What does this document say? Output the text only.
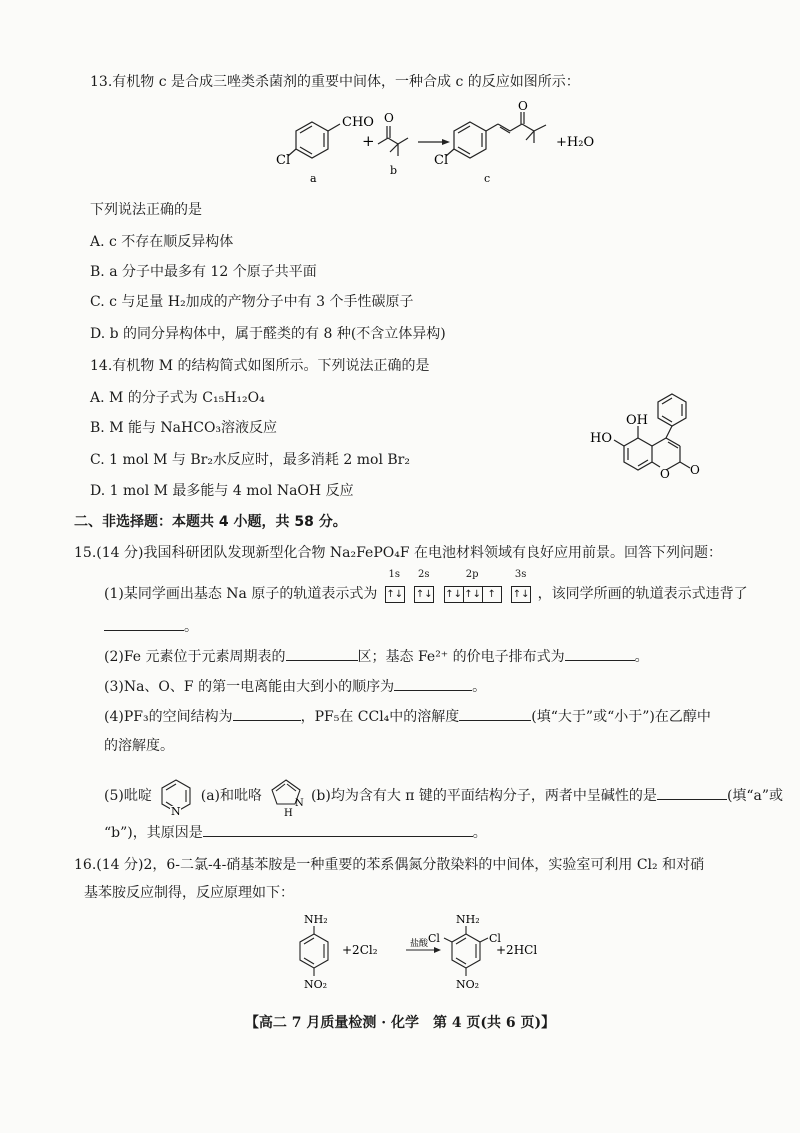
13.有机物 c 是合成三唑类杀菌剂的重要中间体，一种合成 c 的反应如图所示：
CHO
Cl
a
+
O
b
Cl
O
c
+H₂O
下列说法正确的是
A. c 不存在顺反异构体
B. a 分子中最多有 12 个原子共平面
C. c 与足量 H₂加成的产物分子中有 3 个手性碳原子
D. b 的同分异构体中，属于醛类的有 8 种(不含立体异构)
14.有机物 M 的结构简式如图所示。下列说法正确的是
A. M 的分子式为 C₁₅H₁₂O₄
B. M 能与 NaHCO₃溶液反应
C. 1 mol M 与 Br₂水反应时，最多消耗 2 mol Br₂
D. 1 mol M 最多能与 4 mol NaOH 反应
OH
HO
O O
二、非选择题：本题共 4 小题，共 58 分。
15.(14 分)我国科研团队发现新型化合物 Na₂FePO₄F 在电池材料领域有良好应用前景。回答下列问题：
(1)某同学画出基态 Na 原子的轨道表示式为
1s
↑↓
2s
↑↓
2p
↑↓ ↑↓ ↑
3s
↑↓ ，该同学所画的轨道表示式违背了
。
(2)Fe 元素位于元素周期表的	区；基态 Fe²⁺ 的价电子排布式为	。
(3)Na、O、F 的第一电离能由大到小的顺序为	。
(4)PF₃的空间结构为	，PF₅在 CCl₄中的溶解度	(填“大于”或“小于”)在乙醇中
的溶解度。
(5)吡啶
N
(a)和吡咯	N
H
(b)均为含有大 π 键的平面结构分子，两者中呈碱性的是	(填“a”或
“b”)，其原因是	。
16.(14 分)2，6-二氯-4-硝基苯胺是一种重要的苯系偶氮分散染料的中间体，实验室可利用 Cl₂ 和对硝
基苯胺反应制得，反应原理如下：
NH₂
NO₂
+2Cl₂	盐酸
NH₂
Cl	Cl
NO₂
+2HCl
【高二 7 月质量检测 · 化学　第 4 页(共 6 页)】
